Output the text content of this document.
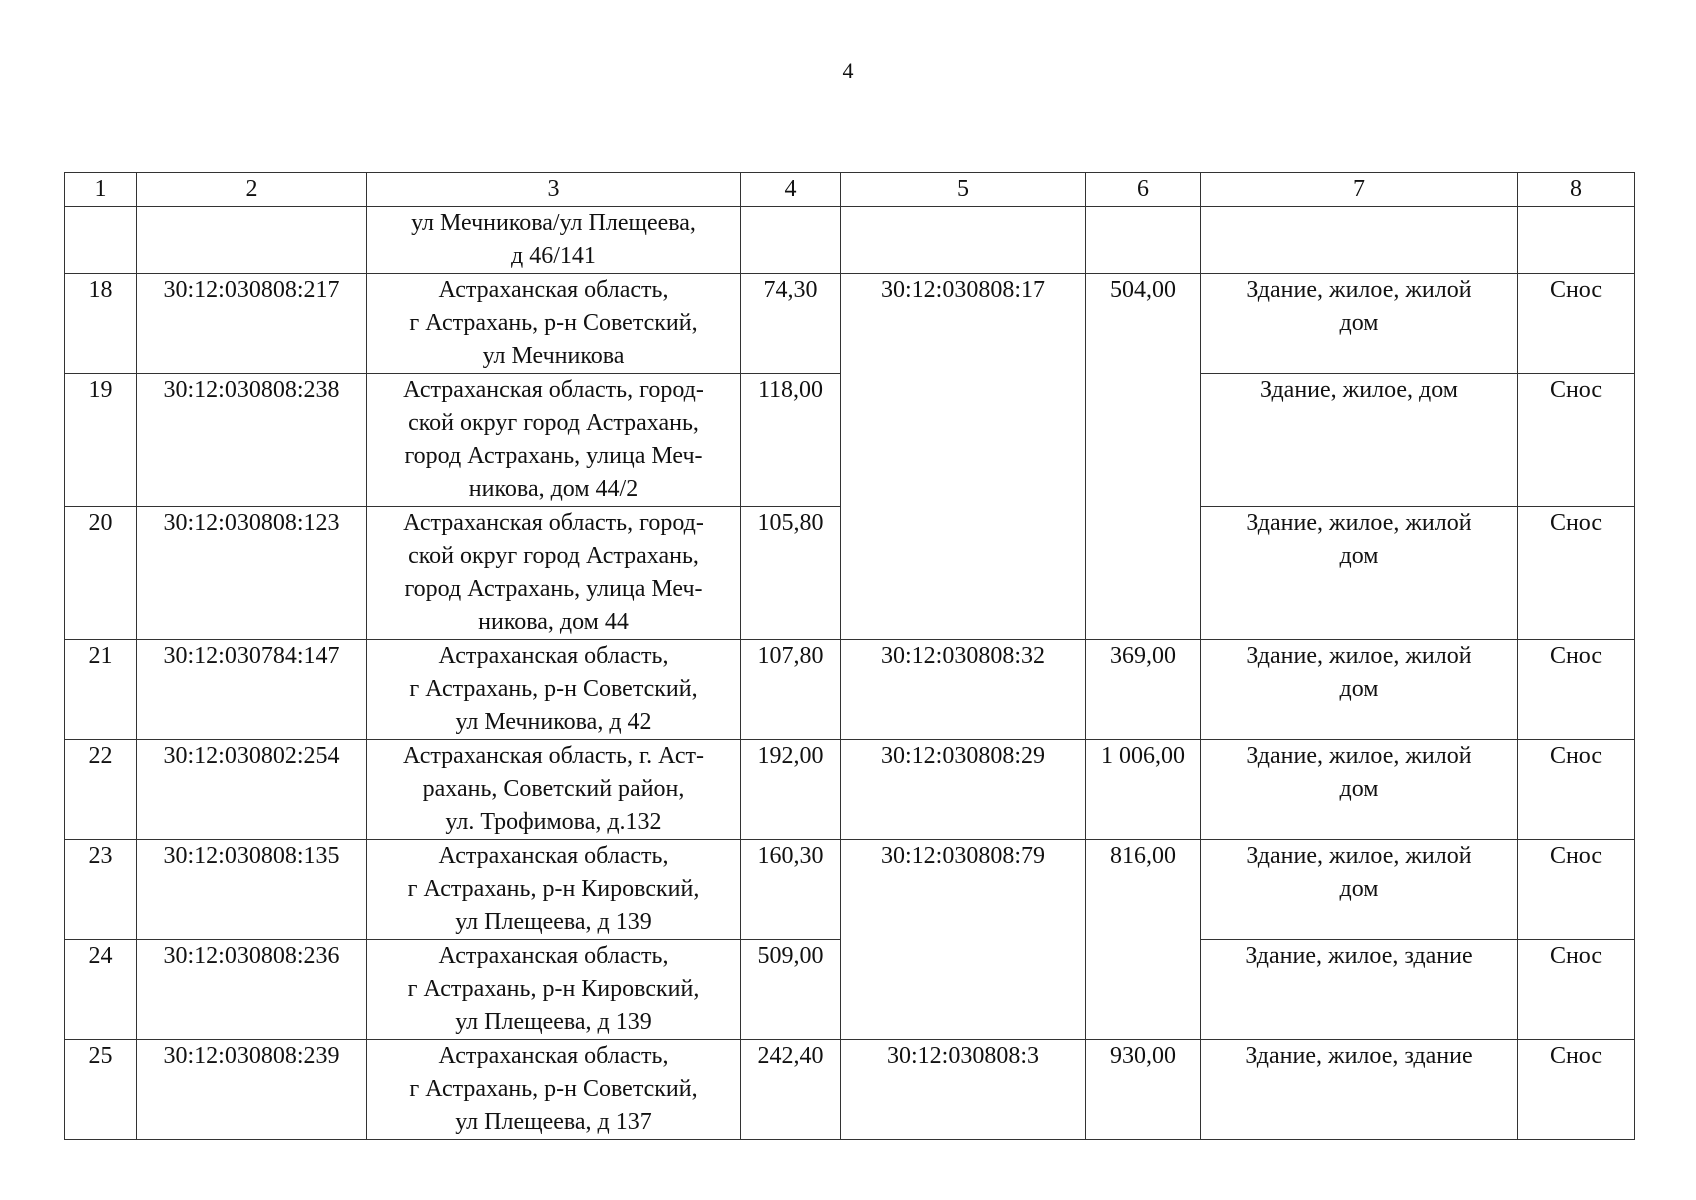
4
1	2	3	4	5	6	7	8

		ул Мечникова/ул Плещеева,
д 46/141					

18	30:12:030808:217	Астраханская область,
г Астрахань, р-н Советский,
ул Мечникова	74,30	30:12:030808:17	504,00	Здание, жилое, жилой
дом	Снос
19	30:12:030808:238	Астраханская область, город-
ской округ город Астрахань,
город Астрахань, улица Меч-
никова, дом 44/2	118,00			Здание, жилое, дом	Снос
20	30:12:030808:123	Астраханская область, город-
ской округ город Астрахань,
город Астрахань, улица Меч-
никова, дом 44	105,80			Здание, жилое, жилой
дом	Снос
21	30:12:030784:147	Астраханская область,
г Астрахань, р-н Советский,
ул Мечникова, д 42	107,80	30:12:030808:32	369,00	Здание, жилое, жилой
дом	Снос
22	30:12:030802:254	Астраханская область, г. Аст-
рахань, Советский район,
ул. Трофимова, д.132	192,00	30:12:030808:29	1 006,00	Здание, жилое, жилой
дом	Снос
23	30:12:030808:135	Астраханская область,
г Астрахань, р-н Кировский,
ул Плещеева, д 139	160,30	30:12:030808:79	816,00	Здание, жилое, жилой
дом	Снос
24	30:12:030808:236	Астраханская область,
г Астрахань, р-н Кировский,
ул Плещеева, д 139	509,00			Здание, жилое, здание	Снос
25	30:12:030808:239	Астраханская область,
г Астрахань, р-н Советский,
ул Плещеева, д 137	242,40	30:12:030808:3	930,00	Здание, жилое, здание	Снос
